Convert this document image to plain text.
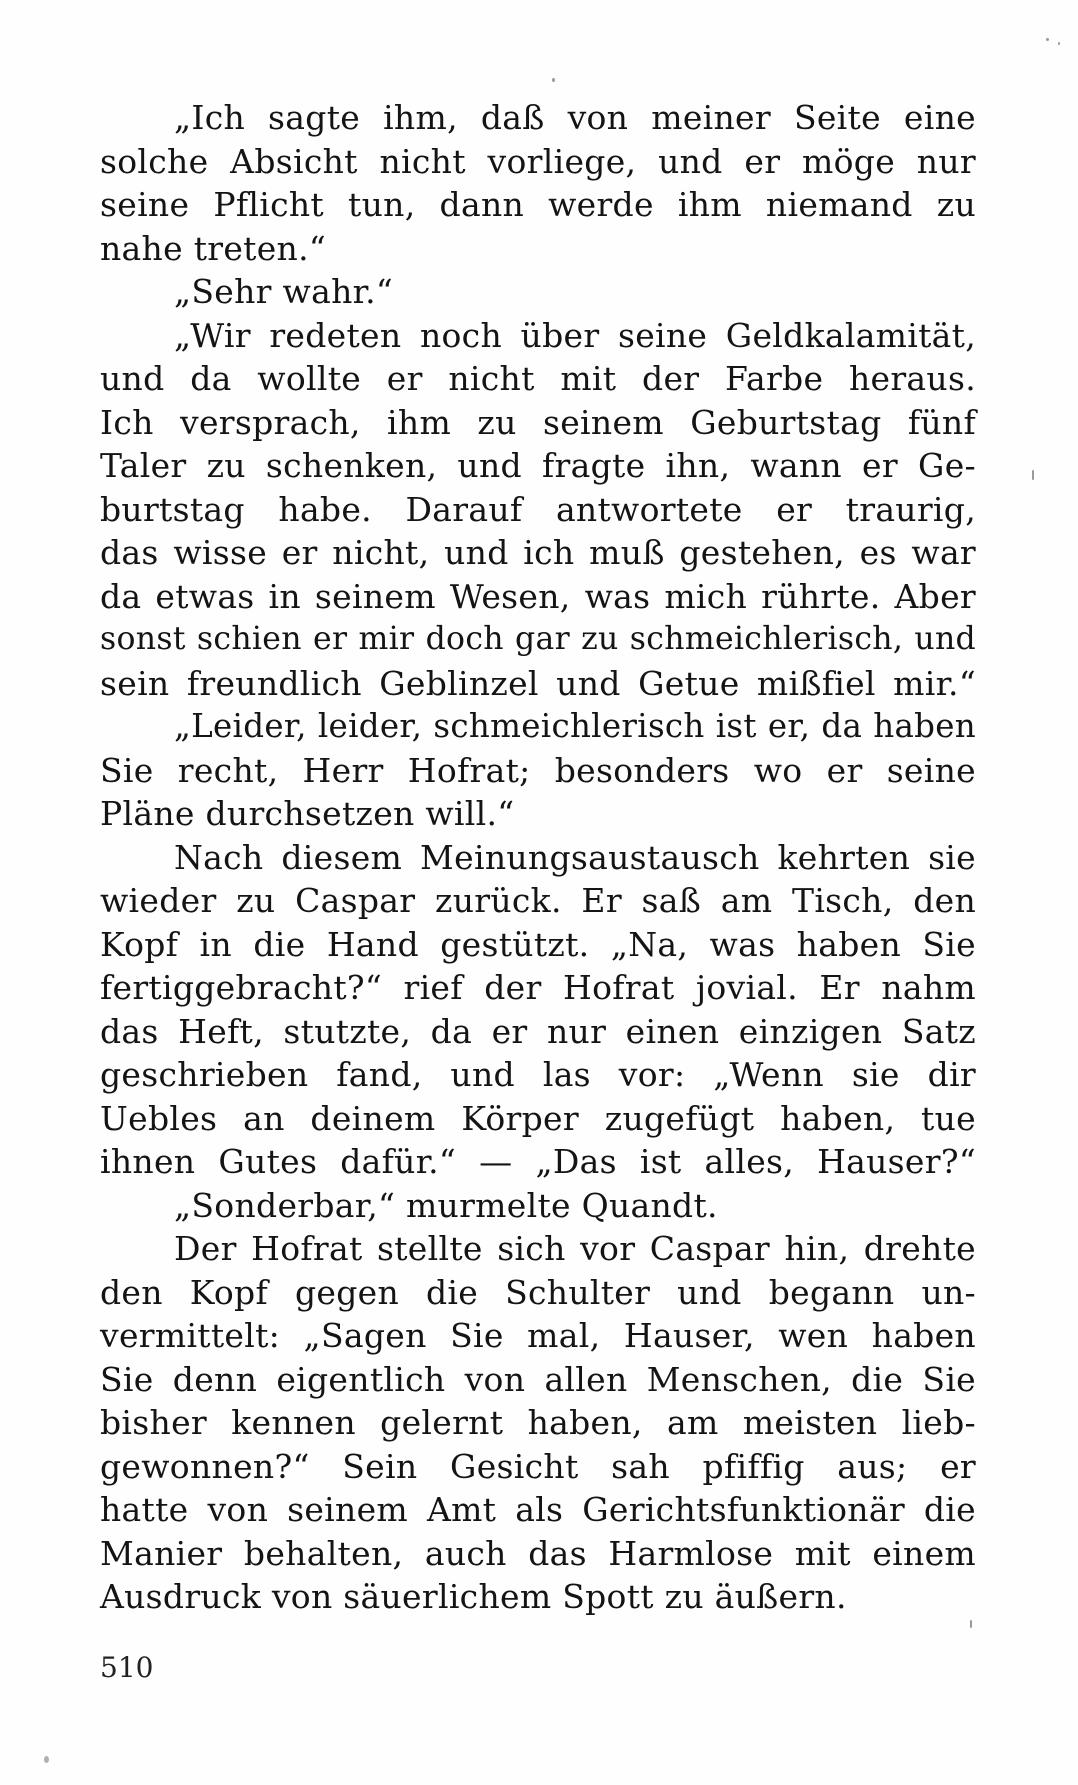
„Ich sagte ihm, daß von meiner Seite eine
solche Absicht nicht vorliege, und er möge nur
seine Pflicht tun, dann werde ihm niemand zu
nahe treten.“
„Sehr wahr.“
„Wir redeten noch über seine Geldkalamität,
und da wollte er nicht mit der Farbe heraus.
Ich versprach, ihm zu seinem Geburtstag fünf
Taler zu schenken, und fragte ihn, wann er Ge-
burtstag habe. Darauf antwortete er traurig,
das wisse er nicht, und ich muß gestehen, es war
da etwas in seinem Wesen, was mich rührte. Aber
sonst schien er mir doch gar zu schmeichlerisch, und
sein freundlich Geblinzel und Getue mißfiel mir.“
„Leider, leider, schmeichlerisch ist er, da haben
Sie recht, Herr Hofrat; besonders wo er seine
Pläne durchsetzen will.“
Nach diesem Meinungsaustausch kehrten sie
wieder zu Caspar zurück. Er saß am Tisch, den
Kopf in die Hand gestützt. „Na, was haben Sie
fertiggebracht?“ rief der Hofrat jovial. Er nahm
das Heft, stutzte, da er nur einen einzigen Satz
geschrieben fand, und las vor: „Wenn sie dir
Uebles an deinem Körper zugefügt haben, tue
ihnen Gutes dafür.“ — „Das ist alles, Hauser?“
„Sonderbar,“ murmelte Quandt.
Der Hofrat stellte sich vor Caspar hin, drehte
den Kopf gegen die Schulter und begann un-
vermittelt: „Sagen Sie mal, Hauser, wen haben
Sie denn eigentlich von allen Menschen, die Sie
bisher kennen gelernt haben, am meisten lieb-
gewonnen?“ Sein Gesicht sah pfiffig aus; er
hatte von seinem Amt als Gerichtsfunktionär die
Manier behalten, auch das Harmlose mit einem
Ausdruck von säuerlichem Spott zu äußern.
510
